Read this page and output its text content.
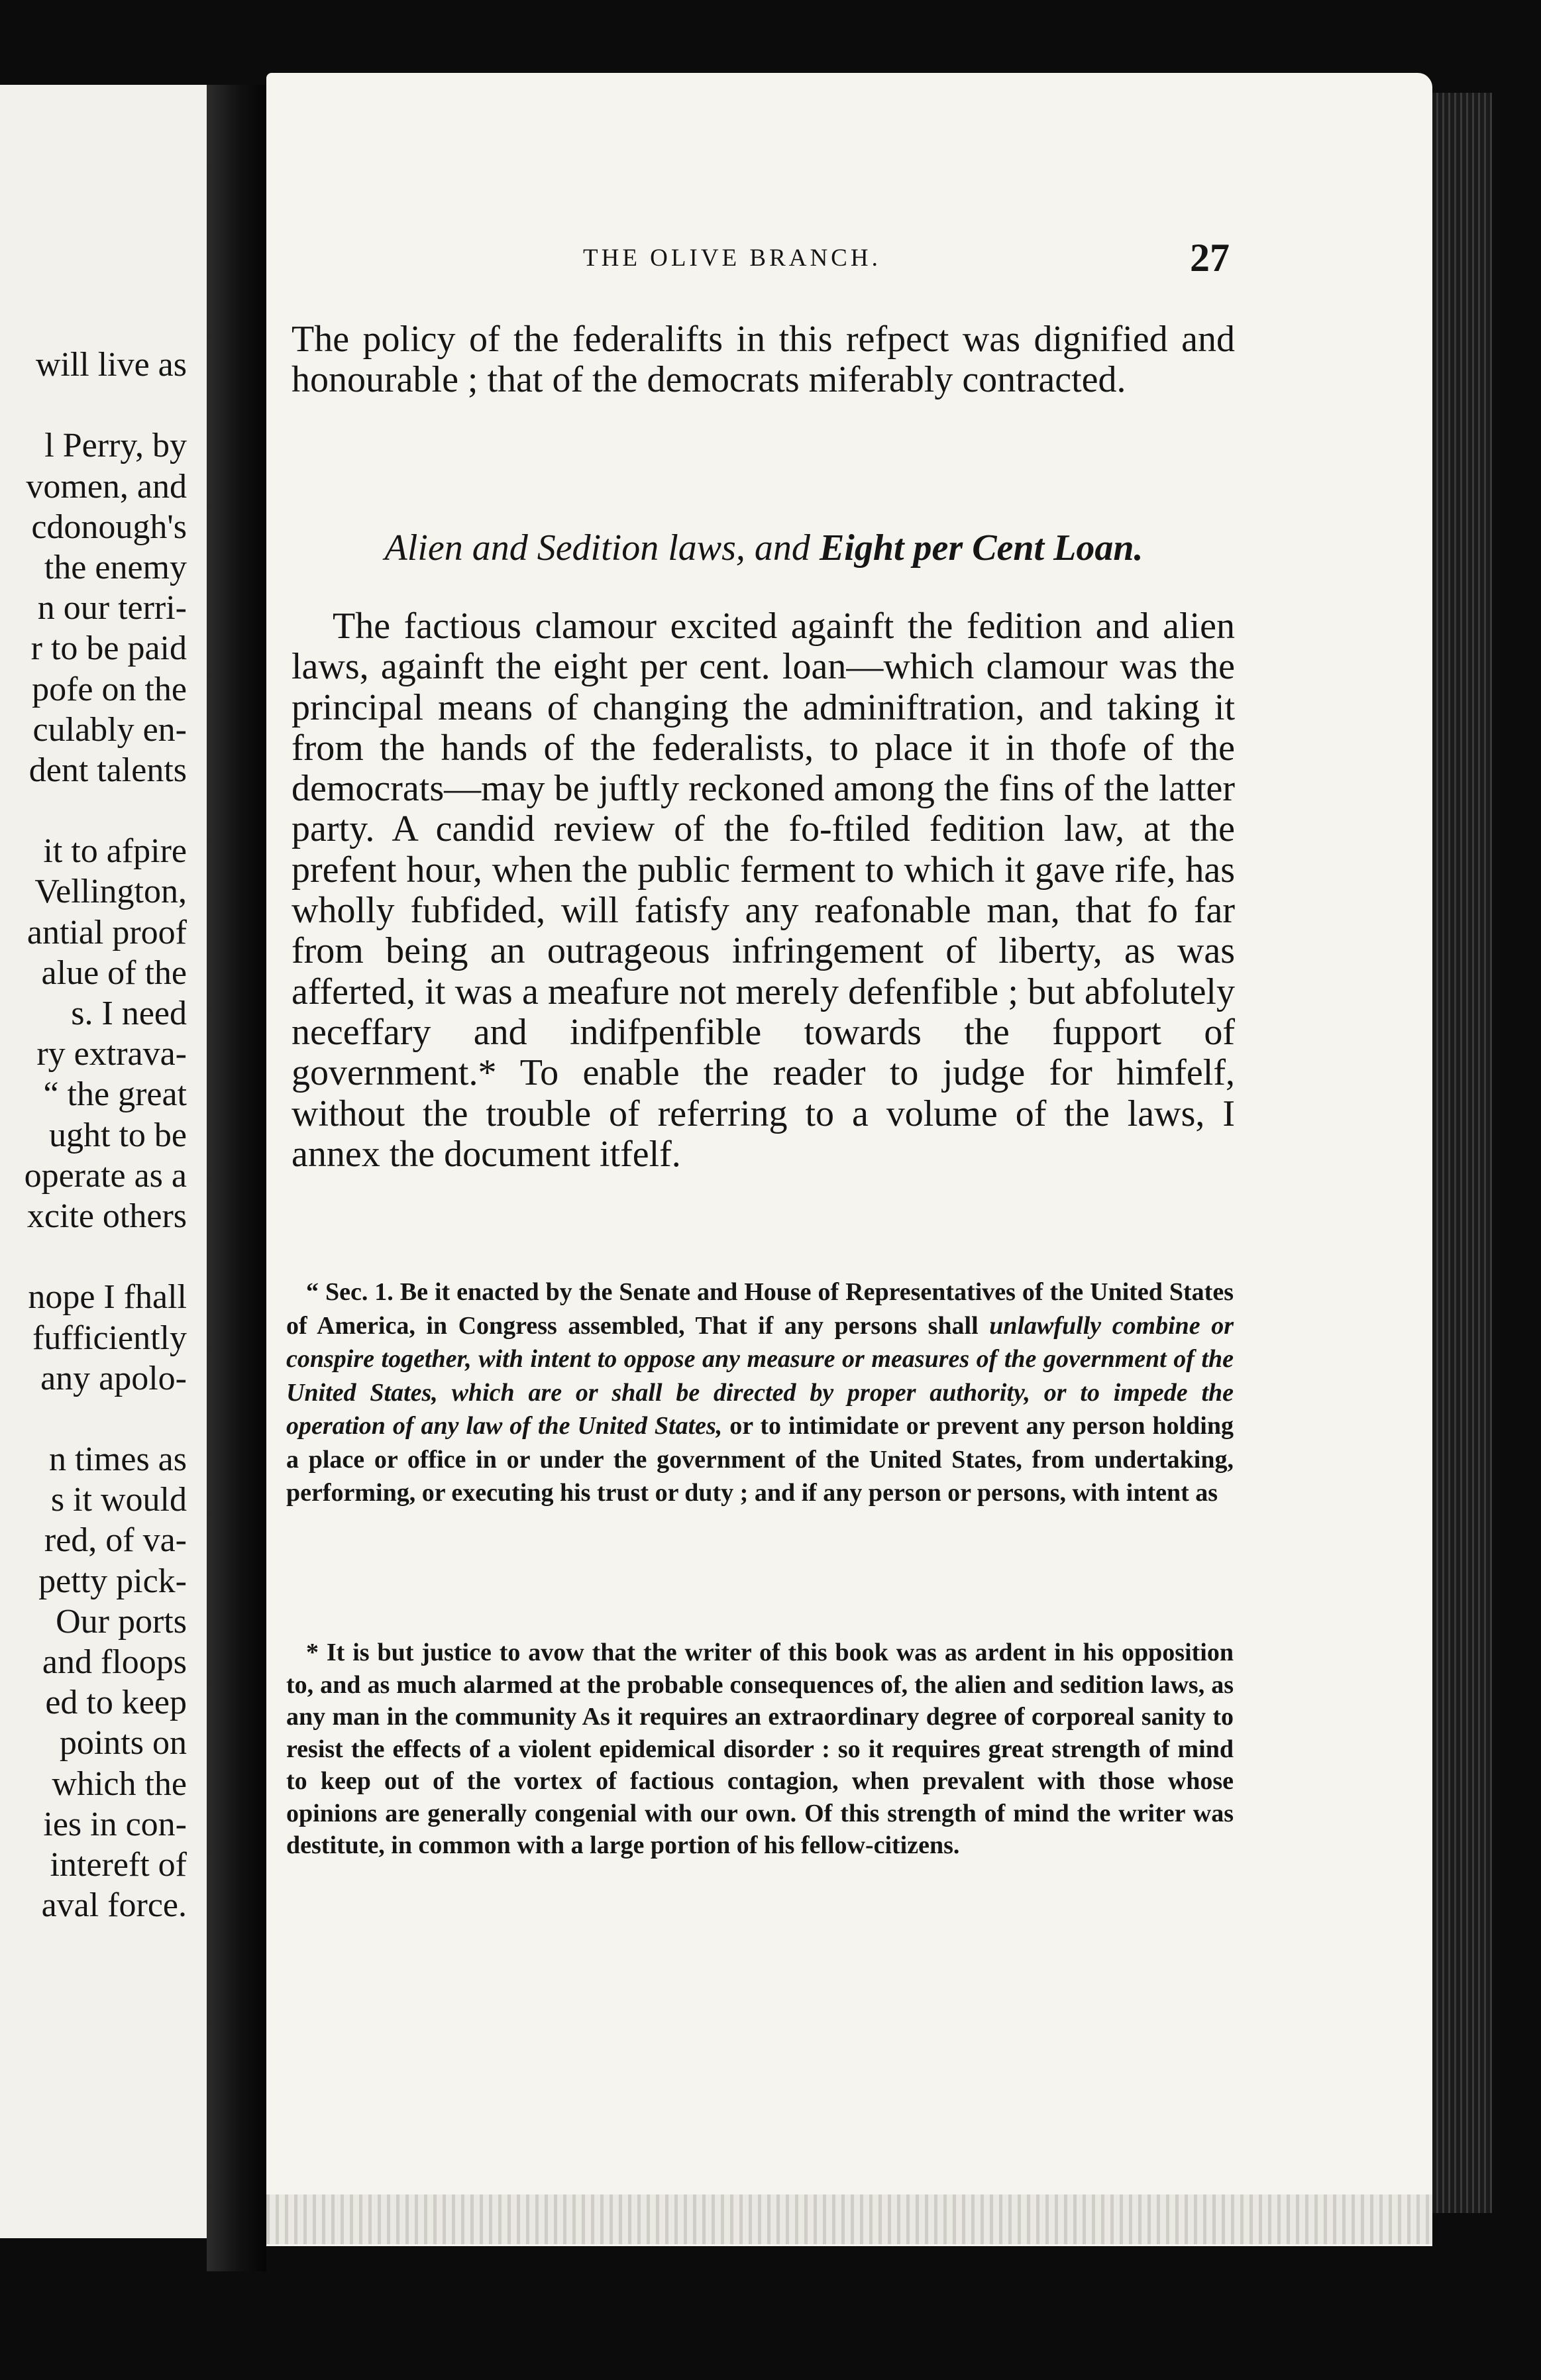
will live as
l Perry, by
vomen, and
cdonough's
the enemy
n our terri-
r to be paid
pofe on the
culably en-
dent talents
it to afpire
Vellington,
antial proof
alue of the
s. I need
ry extrava-
“ the great
ught to be
operate as a
xcite others
nope I fhall
fufficiently
any apolo-
n times as
s it would
red, of va-
petty pick-
Our ports
and floops
ed to keep
points on
which the
ies in con-
intereft of
aval force.
THE OLIVE BRANCH.	27
The policy of the federalifts in this refpect was dignified and honourable ; that of the democrats miferably contracted.
Alien and Sedition laws, and Eight per Cent Loan.
The factious clamour excited againft the fedition and alien laws, againft the eight per cent. loan—which clamour was the principal means of changing the adminiftration, and taking it from the hands of the federalists, to place it in thofe of the democrats—may be juftly reckoned among the fins of the latter party. A candid review of the fo-ftiled fedition law, at the prefent hour, when the public ferment to which it gave rife, has wholly fubfided, will fatisfy any reafonable man, that fo far from being an outrageous infringement of liberty, as was afferted, it was a meafure not merely defenfible ; but abfolutely neceffary and indifpenfible towards the fupport of government.* To enable the reader to judge for himfelf, without the trouble of referring to a volume of the laws, I annex the document itfelf.
“ Sec. 1. Be it enacted by the Senate and House of Representatives of the United States of America, in Congress assembled, That if any persons shall unlawfully combine or conspire together, with intent to oppose any measure or measures of the government of the United States, which are or shall be directed by proper authority, or to impede the operation of any law of the United States, or to intimidate or prevent any person holding a place or office in or under the government of the United States, from undertaking, performing, or executing his trust or duty ; and if any person or persons, with intent as
* It is but justice to avow that the writer of this book was as ardent in his opposition to, and as much alarmed at the probable consequences of, the alien and sedition laws, as any man in the community As it requires an extraordinary degree of corporeal sanity to resist the effects of a violent epidemical disorder : so it requires great strength of mind to keep out of the vortex of factious contagion, when prevalent with those whose opinions are generally congenial with our own. Of this strength of mind the writer was destitute, in common with a large portion of his fellow-citizens.
